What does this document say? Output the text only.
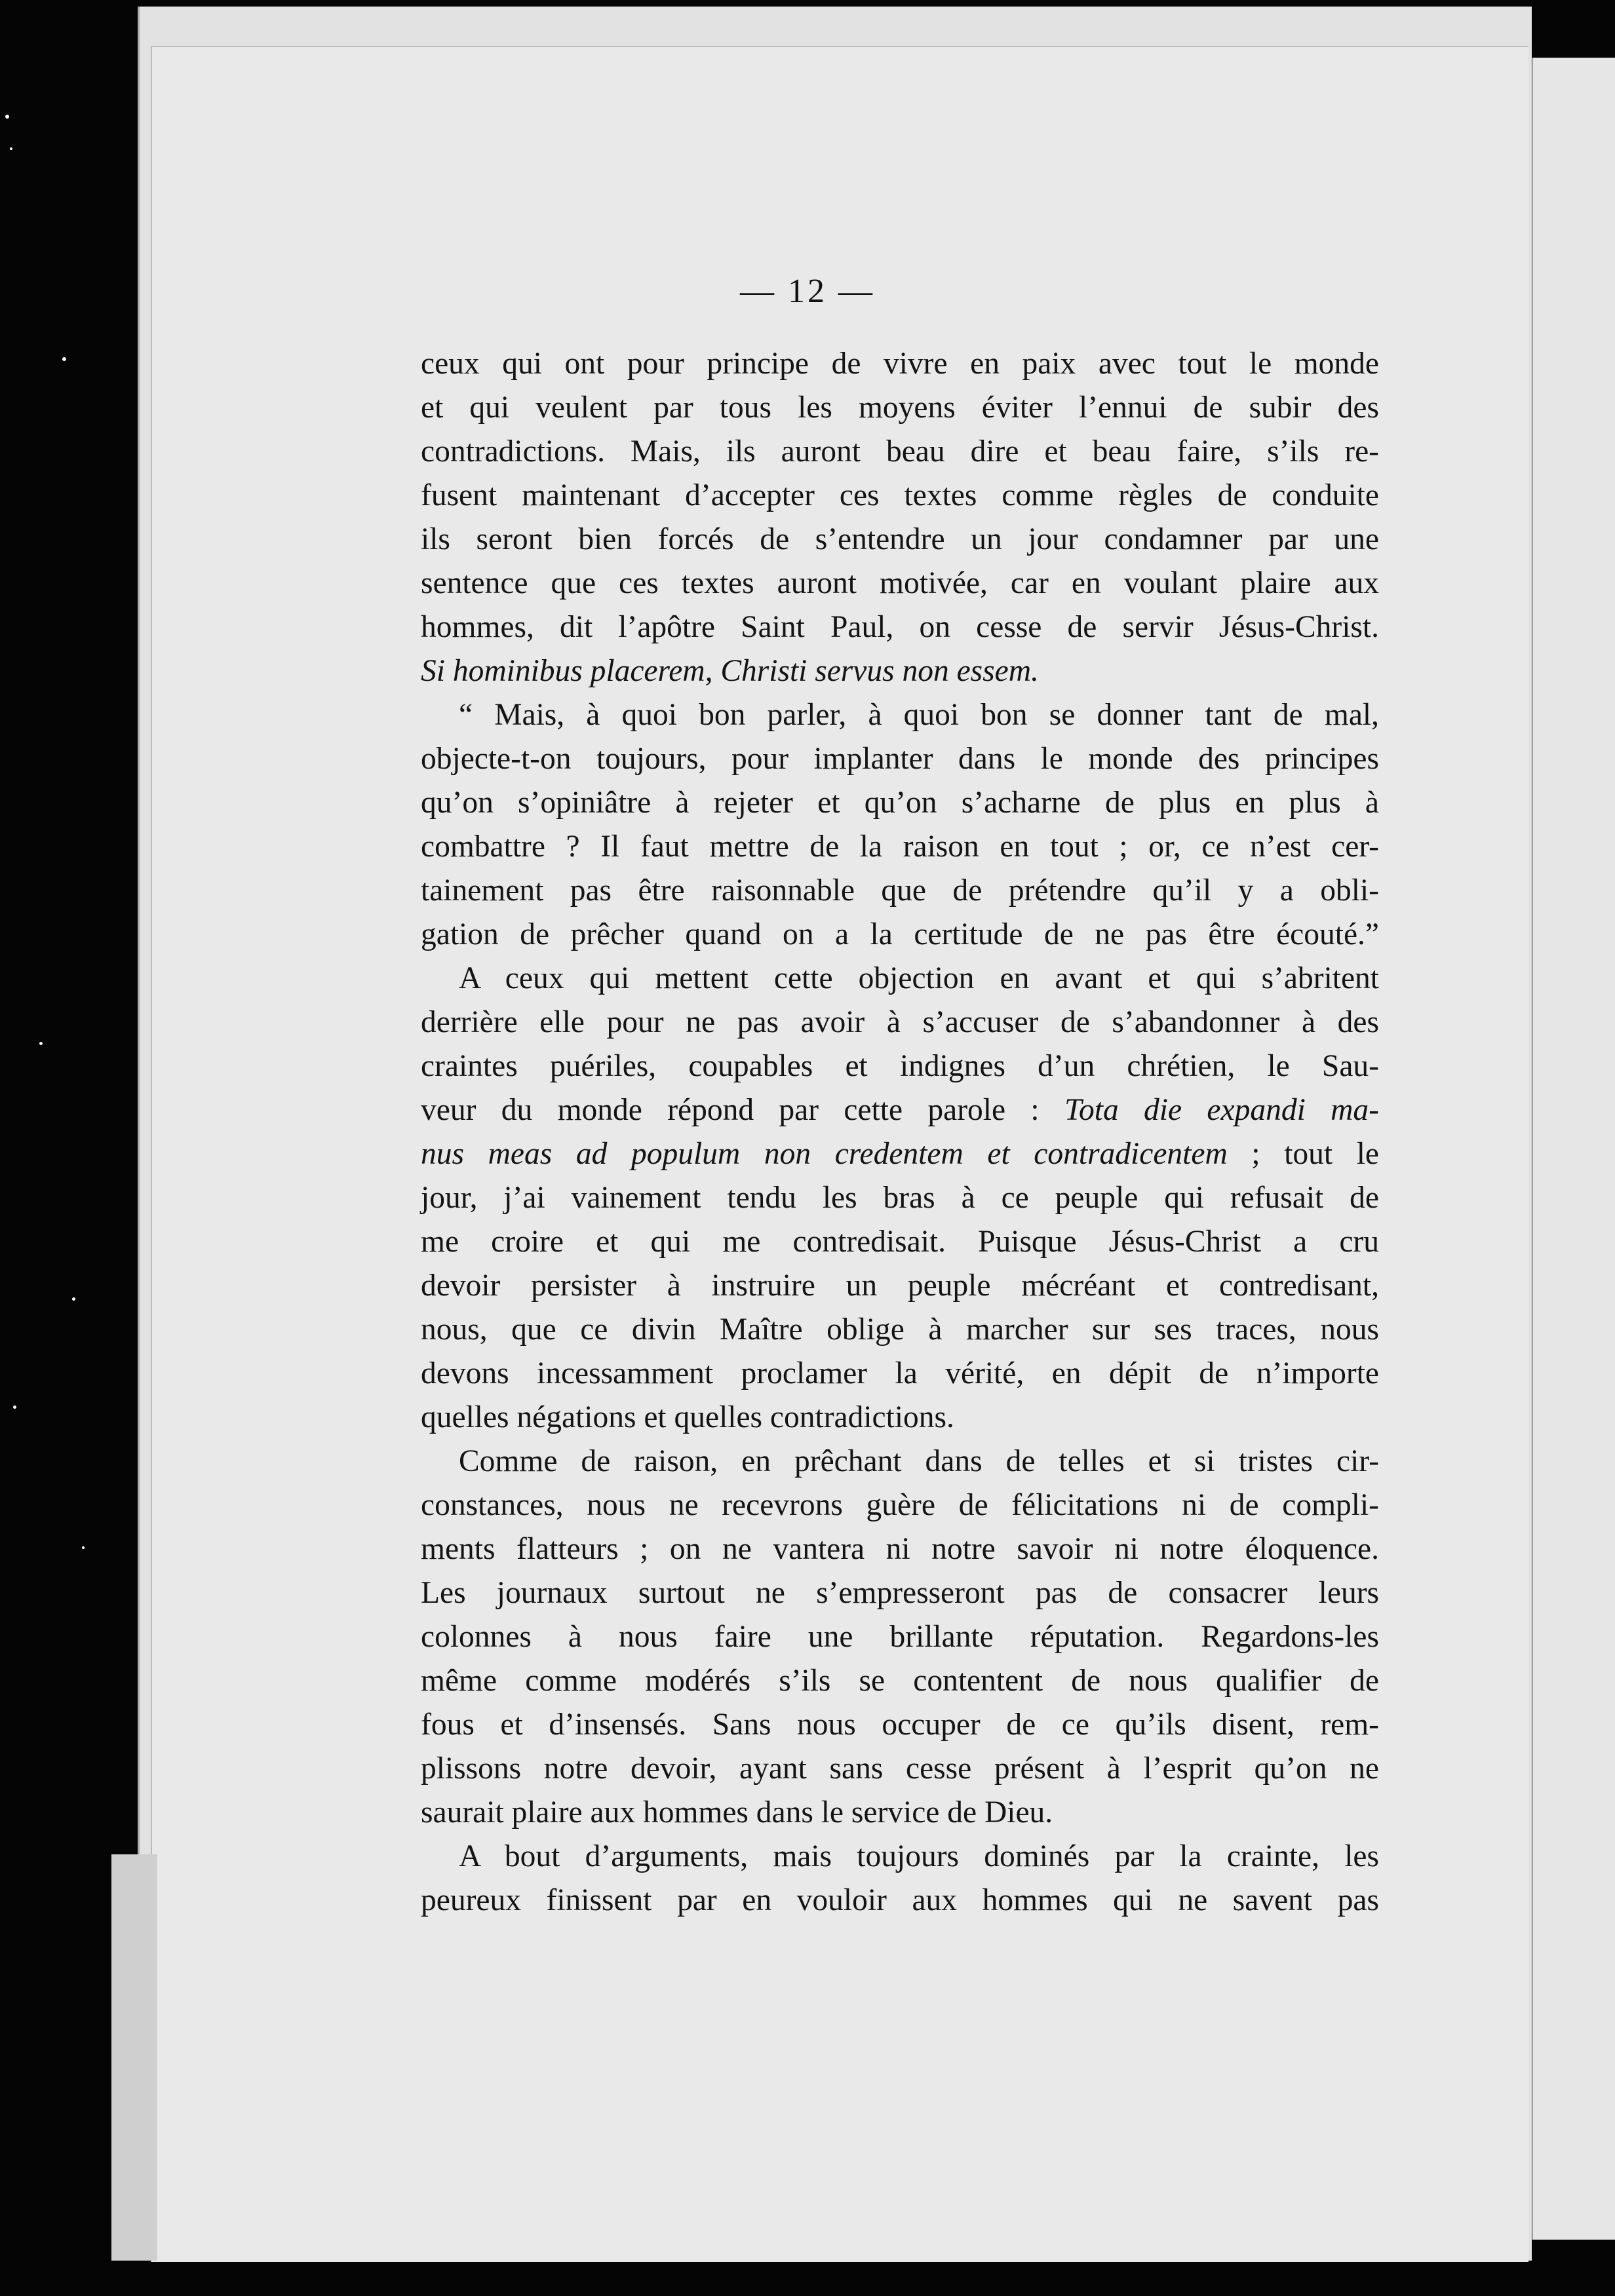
— 12 —
ceux qui ont pour principe de vivre en paix avec tout le monde
et qui veulent par tous les moyens éviter l’ennui de subir des
contradictions. Mais, ils auront beau dire et beau faire, s’ils re-
fusent maintenant d’accepter ces textes comme règles de conduite
ils seront bien forcés de s’entendre un jour condamner par une
sentence que ces textes auront motivée, car en voulant plaire aux
hommes, dit l’apôtre Saint Paul, on cesse de servir Jésus-Christ.
Si hominibus placerem, Christi servus non essem.
“ Mais, à quoi bon parler, à quoi bon se donner tant de mal,
objecte-t-on toujours, pour implanter dans le monde des principes
qu’on s’opiniâtre à rejeter et qu’on s’acharne de plus en plus à
combattre ? Il faut mettre de la raison en tout ; or, ce n’est cer-
tainement pas être raisonnable que de prétendre qu’il y a obli-
gation de prêcher quand on a la certitude de ne pas être écouté.”
A ceux qui mettent cette objection en avant et qui s’abritent
derrière elle pour ne pas avoir à s’accuser de s’abandonner à des
craintes puériles, coupables et indignes d’un chrétien, le Sau-
veur du monde répond par cette parole : Tota die expandi ma-
nus meas ad populum non credentem et contradicentem ; tout le
jour, j’ai vainement tendu les bras à ce peuple qui refusait de
me croire et qui me contredisait. Puisque Jésus-Christ a cru
devoir persister à instruire un peuple mécréant et contredisant,
nous, que ce divin Maître oblige à marcher sur ses traces, nous
devons incessamment proclamer la vérité, en dépit de n’importe
quelles négations et quelles contradictions.
Comme de raison, en prêchant dans de telles et si tristes cir-
constances, nous ne recevrons guère de félicitations ni de compli-
ments flatteurs ; on ne vantera ni notre savoir ni notre éloquence.
Les journaux surtout ne s’empresseront pas de consacrer leurs
colonnes à nous faire une brillante réputation. Regardons-les
même comme modérés s’ils se contentent de nous qualifier de
fous et d’insensés. Sans nous occuper de ce qu’ils disent, rem-
plissons notre devoir, ayant sans cesse présent à l’esprit qu’on ne
saurait plaire aux hommes dans le service de Dieu.
A bout d’arguments, mais toujours dominés par la crainte, les
peureux finissent par en vouloir aux hommes qui ne savent pas
